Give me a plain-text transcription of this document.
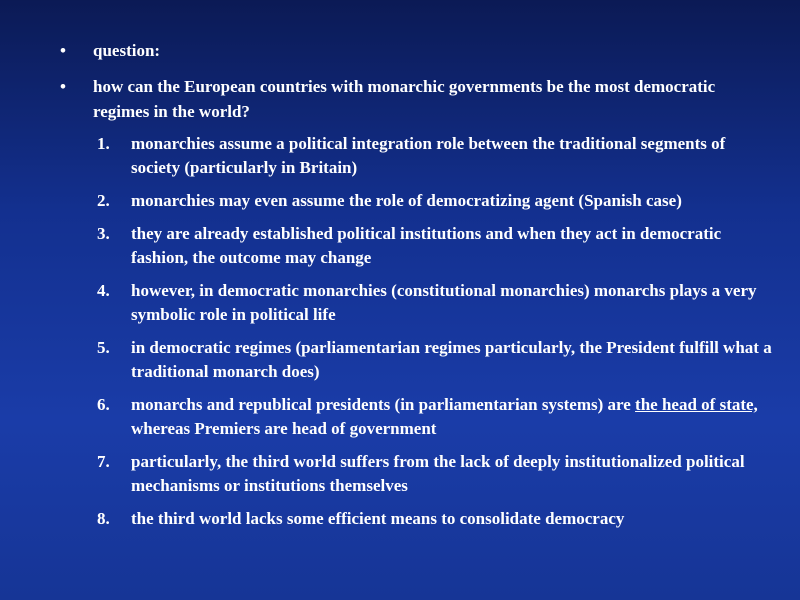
• question:
• how can the European countries with monarchic governments be the most democratic regimes in the world?
1. monarchies assume a political integration role between the traditional segments of society (particularly in Britain)
2. monarchies may even assume the role of democratizing agent (Spanish case)
3. they are already established political institutions and when they act in democratic fashion, the outcome may change
4. however, in democratic monarchies (constitutional monarchies) monarchs plays a very symbolic role in political life
5. in democratic regimes (parliamentarian regimes particularly, the President fulfill what a traditional monarch does)
6. monarchs and republical presidents (in parliamentarian systems) are the head of state, whereas Premiers are head of government
7. particularly, the third world suffers from the lack of deeply institutionalized political mechanisms or institutions themselves
8. the third world lacks some efficient means to consolidate democracy
